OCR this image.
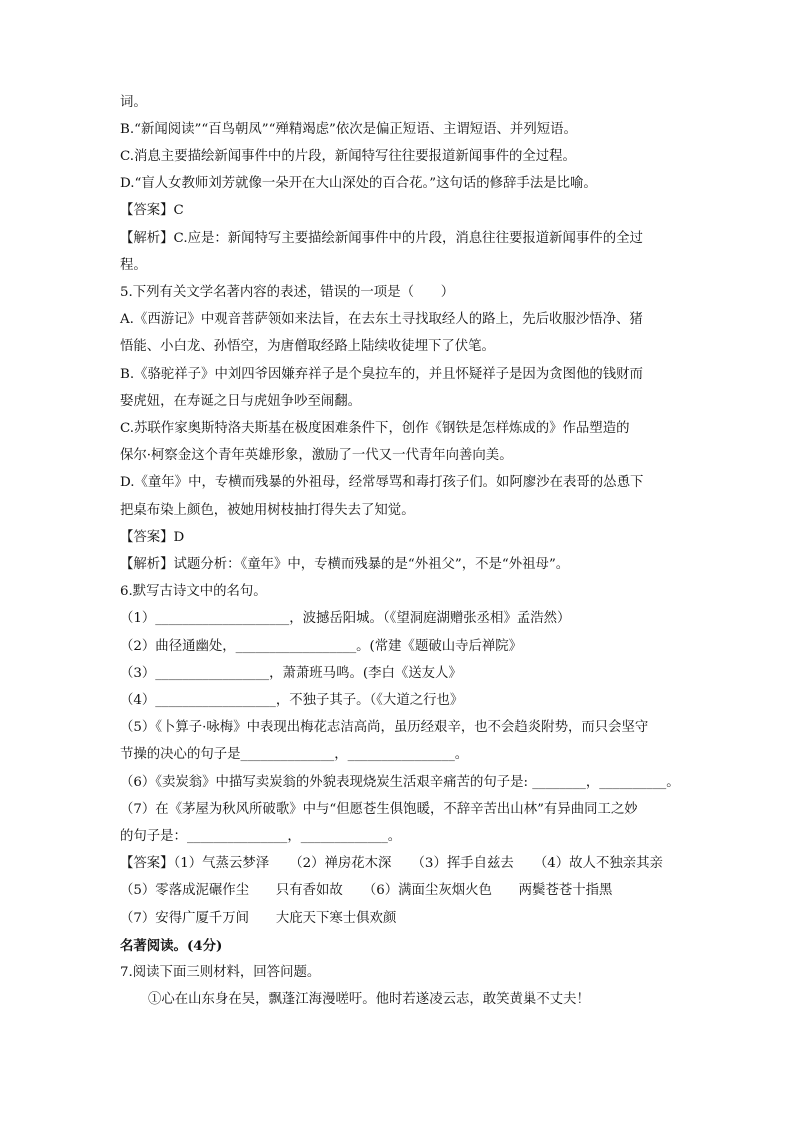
词。
B.“新闻阅读”“百鸟朝凤”“殚精竭虑”依次是偏正短语、主谓短语、并列短语。
C.消息主要描绘新闻事件中的片段，新闻特写往往要报道新闻事件的全过程。
D.“盲人女教师刘芳就像一朵开在大山深处的百合花。”这句话的修辞手法是比喻。
【答案】C
【解析】C.应是：新闻特写主要描绘新闻事件中的片段，消息往往要报道新闻事件的全过
程。
5.下列有关文学名著内容的表述，错误的一项是（　　）
A.《西游记》中观音菩萨领如来法旨，在去东土寻找取经人的路上，先后收服沙悟净、猪
悟能、小白龙、孙悟空，为唐僧取经路上陆续收徒埋下了伏笔。
B.《骆驼祥子》中刘四爷因嫌弃祥子是个臭拉车的，并且怀疑祥子是因为贪图他的钱财而
娶虎妞，在寿诞之日与虎妞争吵至闹翻。
C.苏联作家奥斯特洛夫斯基在极度困难条件下，创作《钢铁是怎样炼成的》作品塑造的
保尔·柯察金这个青年英雄形象，激励了一代又一代青年向善向美。
D.《童年》中，专横而残暴的外祖母，经常辱骂和毒打孩子们。如阿廖沙在表哥的怂恿下
把桌布染上颜色，被她用树枝抽打得失去了知觉。
【答案】D
【解析】试题分析：《童年》中，专横而残暴的是“外祖父”，不是“外祖母”。
6.默写古诗文中的名句。
（1）____________________，波撼岳阳城。（《望洞庭湖赠张丞相》孟浩然）
（2）曲径通幽处，__________________。(常建《题破山寺后禅院》
（3）_________________，萧萧班马鸣。(李白《送友人》
（4）__________________，不独子其子。（《大道之行也》
（5）《卜算子·咏梅》中表现出梅花志洁高尚，虽历经艰辛，也不会趋炎附势，而只会坚守
节操的决心的句子是______________，________________。
（6）《卖炭翁》中描写卖炭翁的外貌表现烧炭生活艰辛痛苦的句子是: ________，__________。
（7）在《茅屋为秋风所破歌》中与“但愿苍生俱饱暖，不辞辛苦出山林”有异曲同工之妙
的句子是：_______________，_____________。
【答案】（1）气蒸云梦泽　　（2）禅房花木深　　（3）挥手自兹去　　（4）故人不独亲其亲
（5）零落成泥碾作尘　　只有香如故　　（6）满面尘灰烟火色　　两鬓苍苍十指黑
（7）安得广厦千万间　　大庇天下寒士俱欢颜
名著阅读。(4分)
7.阅读下面三则材料，回答问题。
①心在山东身在吴，飘蓬江海漫嗟吁。他时若遂凌云志，敢笑黄巢不丈夫！
